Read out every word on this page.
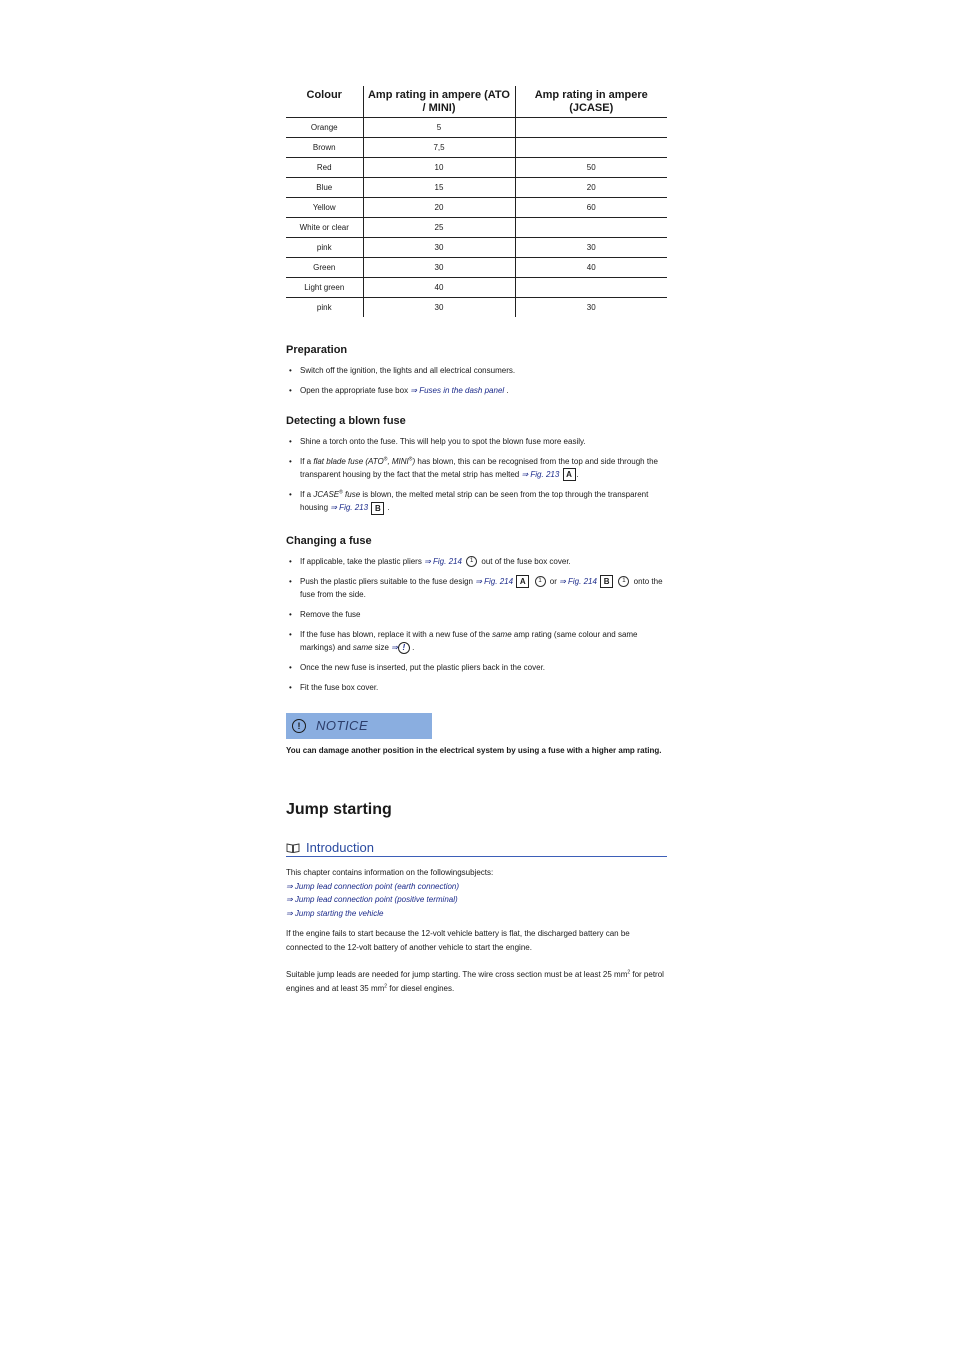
Colour	Amp rating in ampere (ATO / MINI)	Amp rating in ampere (JCASE)
Orange	5	
Brown	7,5	
Red	10	50
Blue	15	20
Yellow	20	60
White or clear	25	
pink	30	30
Green	30	40
Light green	40	
pink	30	30
Preparation
• Switch off the ignition, the lights and all electrical consumers.
• Open the appropriate fuse box ⇒ Fuses in the dash panel .
Detecting a blown fuse
• Shine a torch onto the fuse. This will help you to spot the blown fuse more easily.
• If a flat blade fuse (ATO®, MINI®) has blown, this can be recognised from the top and side through the transparent housing by the fact that the metal strip has melted ⇒ Fig. 213 A .
• If a JCASE® fuse is blown, the melted metal strip can be seen from the top through the transparent housing ⇒ Fig. 213 B .
Changing a fuse
• If applicable, take the plastic pliers ⇒ Fig. 214 1 out of the fuse box cover.
• Push the plastic pliers suitable to the fuse design ⇒ Fig. 214 A 1 or ⇒ Fig. 214 B 1 onto the fuse from the side.
• Remove the fuse
• If the fuse has blown, replace it with a new fuse of the same amp rating (same colour and same markings) and same size ⇒ ! .
• Once the new fuse is inserted, put the plastic pliers back in the cover.
• Fit the fuse box cover.
!	NOTICE
You can damage another position in the electrical system by using a fuse with a higher amp rating.
Jump starting
Introduction

This chapter contains information on the followingsubjects:

⇒ Jump lead connection point (earth connection)

⇒ Jump lead connection point (positive terminal)

⇒ Jump starting the vehicle

If the engine fails to start because the 12-volt vehicle battery is flat, the discharged battery can be connected to the 12-volt battery of another vehicle to start the engine.

Suitable jump leads are needed for jump starting. The wire cross section must be at least 25 $mm^2$ for petrol engines and at least 35 $mm^2$ for diesel engines.
